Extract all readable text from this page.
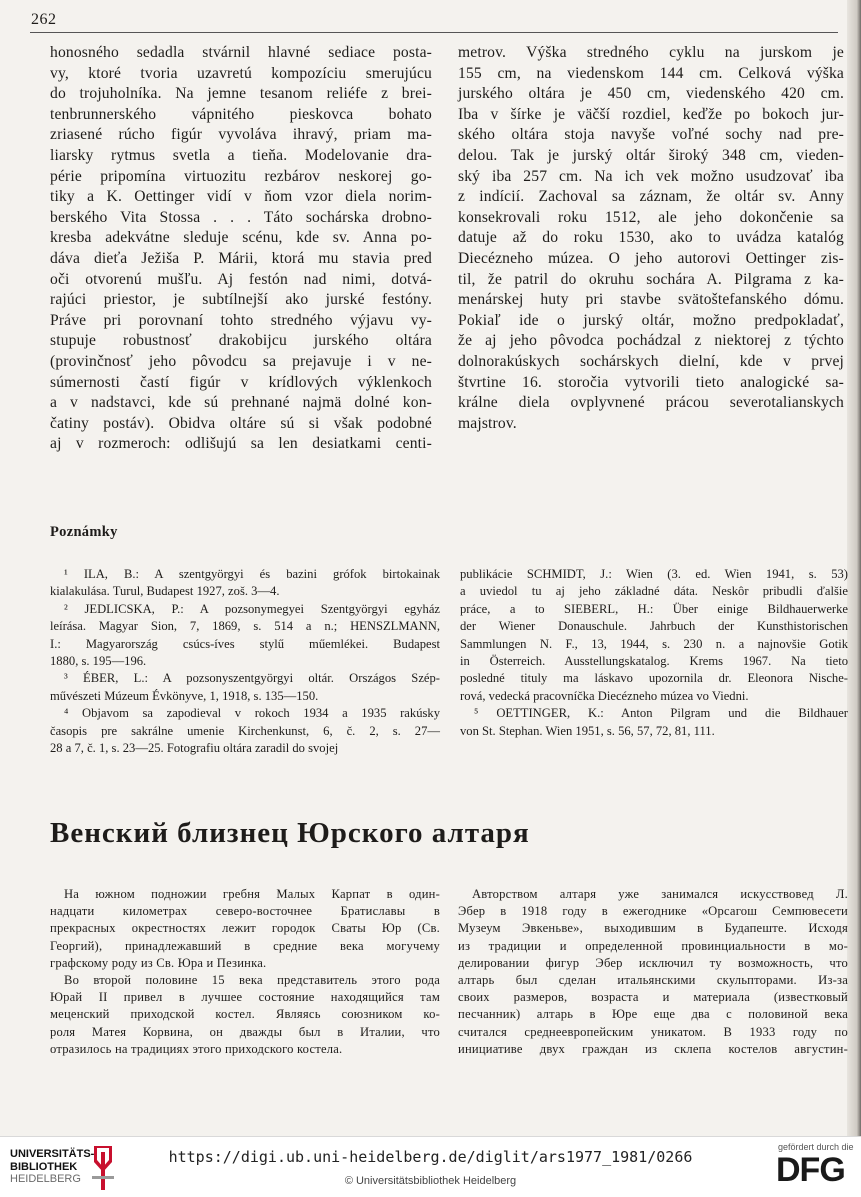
262
honosného sedadla stvárnil hlavné sediace posta-
vy, ktoré tvoria uzavretú kompozíciu smerujúcu
do trojuholníka. Na jemne tesanom reliéfe z brei-
tenbrunnerského vápnitého pieskovca bohato
zriasené rúcho figúr vyvoláva ihravý, priam ma-
liarsky rytmus svetla a tieňa. Modelovanie dra-
périe pripomína virtuozitu rezbárov neskorej go-
tiky a K. Oettinger vidí v ňom vzor diela norim-
berského Vita Stossa . . . Táto sochárska drobno-
kresba adekvátne sleduje scénu, kde sv. Anna po-
dáva dieťa Ježiša P. Márii, ktorá mu stavia pred
oči otvorenú mušľu. Aj festón nad nimi, dotvá-
rajúci priestor, je subtílnejší ako jurské festóny.
Práve pri porovnaní tohto stredného výjavu vy-
stupuje robustnosť drakobijcu jurského oltára
(provinčnosť jeho pôvodcu sa prejavuje i v ne-
súmernosti častí figúr v krídlových výklenkoch
a v nadstavci, kde sú prehnané najmä dolné kon-
čatiny postáv). Obidva oltáre sú si však podobné
aj v rozmeroch: odlišujú sa len desiatkami centi-
metrov. Výška stredného cyklu na jurskom je
155 cm, na viedenskom 144 cm. Celková výška
jurského oltára je 450 cm, viedenského 420 cm.
Iba v šírke je väčší rozdiel, keďže po bokoch jur-
ského oltára stoja navyše voľné sochy nad pre-
delou. Tak je jurský oltár široký 348 cm, vieden-
ský iba 257 cm. Na ich vek možno usudzovať iba
z indícií. Zachoval sa záznam, že oltár sv. Anny
konsekrovali roku 1512, ale jeho dokončenie sa
datuje až do roku 1530, ako to uvádza katalóg
Diecézneho múzea. O jeho autorovi Oettinger zis-
til, že patril do okruhu sochára A. Pilgrama z ka-
menárskej huty pri stavbe svätoštefanského dómu.
Pokiaľ ide o jurský oltár, možno predpokladať,
že aj jeho pôvodca pochádzal z niektorej z týchto
dolnorakúskych sochárskych dielní, kde v prvej
štvrtine 16. storočia vytvorili tieto analogické sa-
králne diela ovplyvnené prácou severotalianskych
majstrov.
Poznámky
¹ ILA, B.: A szentgyörgyi és bazini grófok birtokainak
kialakulása. Turul, Budapest 1927, zoš. 3—4.
² JEDLICSKA, P.: A pozsonymegyei Szentgyörgyi egyház
leírása. Magyar Sion, 7, 1869, s. 514 a n.; HENSZLMANN,
I.: Magyarország csúcs-íves stylű műemlékei. Budapest
1880, s. 195—196.
³ ÉBER, L.: A pozsonyszentgyörgyi oltár. Országos Szép-
művészeti Múzeum Évkönyve, 1, 1918, s. 135—150.
⁴ Objavom sa zapodieval v rokoch 1934 a 1935 rakúsky
časopis pre sakrálne umenie Kirchenkunst, 6, č. 2, s. 27—
28 a 7, č. 1, s. 23—25. Fotografiu oltára zaradil do svojej
publikácie SCHMIDT, J.: Wien (3. ed. Wien 1941, s. 53)
a uviedol tu aj jeho základné dáta. Neskôr pribudli ďalšie
práce, a to SIEBERL, H.: Über einige Bildhauerwerke
der Wiener Donauschule. Jahrbuch der Kunsthistorischen
Sammlungen N. F., 13, 1944, s. 230 n. a najnovšie Gotik
in Österreich. Ausstellungskatalog. Krems 1967. Na tieto
posledné tituly ma láskavo upozornila dr. Eleonora Nische-
rová, vedecká pracovníčka Diecézneho múzea vo Viedni.
⁵ OETTINGER, K.: Anton Pilgram und die Bildhauer
von St. Stephan. Wien 1951, s. 56, 57, 72, 81, 111.
Венский близнец Юрского алтаря
На южном подножии гребня Малых Карпат в один-
надцати километрах северо-восточнее Братиславы в
прекрасных окрестностях лежит городок Сваты Юр (Св.
Георгий), принадлежавший в средние века могучему
графскому роду из Св. Юра и Пезинка.
Во второй половине 15 века представитель этого рода
Юрай II привел в лучшее состояние находящийся там
меценский приходской костел. Являясь союзником ко-
роля Матея Корвина, он дважды был в Италии, что
отразилось на традициях этого приходского костела.
Авторством алтаря уже занимался искусствовед Л.
Эбер в 1918 году в ежегоднике «Орсагош Семпювесети
Музеум Эвкеньве», выходившим в Будапеште. Исходя
из традиции и определенной провинциальности в мо-
делировании фигур Эбер исключил ту возможность, что
алтарь был сделан итальянскими скульпторами. Из-за
своих размеров, возраста и материала (известковый
песчанник) алтарь в Юре еще два с половиной века
считался среднеевропейским уникатом. В 1933 году по
инициативе двух граждан из склепа костелов августин-
UNIVERSITÄTS-
BIBLIOTHEK
HEIDELBERG
https://digi.ub.uni-heidelberg.de/diglit/ars1977_1981/0266
© Universitätsbibliothek Heidelberg
gefördert durch die
DFG
